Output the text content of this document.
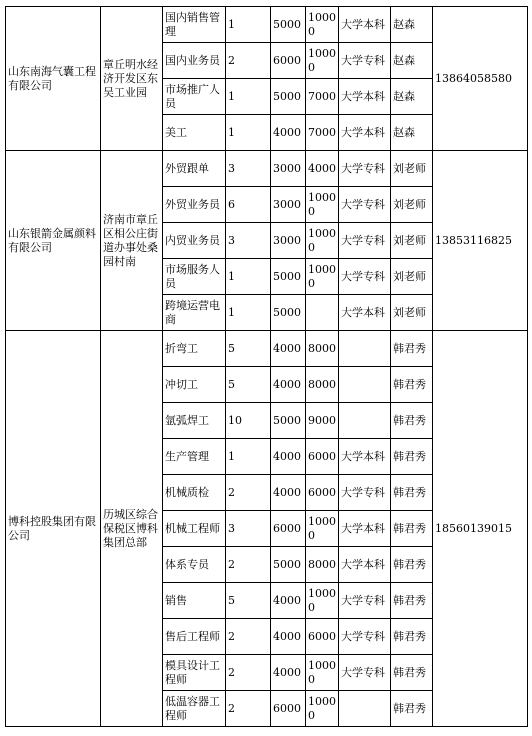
山东南海气囊工程有限公司	章丘明水经济开发区东吴工业园	国内销售管理	1	5000	10000	大学本科	赵森	13864058580
		国内业务员	2	6000	10000	大学专科	赵森	
		市场推广人员	1	5000	7000	大学本科	赵森	
		美工	1	4000	7000	大学本科	赵森	
山东银箭金属颜料有限公司	济南市章丘区相公庄街道办事处桑园村南	外贸跟单	3	3000	4000	大学专科	刘老师	13853116825
		外贸业务员	6	3000	10000	大学专科	刘老师	
		内贸业务员	3	3000	10000	大学专科	刘老师	
		市场服务人员	1	5000	10000	大学专科	刘老师	
		跨境运营电商	1	5000		大学本科	刘老师	
博科控股集团有限公司	历城区综合保税区博科集团总部	折弯工	5	4000	8000		韩君秀	18560139015
		冲切工	5	4000	8000		韩君秀	
		氩弧焊工	10	5000	9000		韩君秀	
		生产管理	1	4000	6000	大学本科	韩君秀	
		机械质检	2	4000	6000	大学专科	韩君秀	
		机械工程师	3	6000	10000	大学本科	韩君秀	
		体系专员	2	5000	8000	大学本科	韩君秀	
		销售	5	4000	10000	大学专科	韩君秀	
		售后工程师	2	4000	6000	大学专科	韩君秀	
		模具设计工程师	2	4000	10000	大学专科	韩君秀	
		低温容器工程师	2	6000	10000		韩君秀	
